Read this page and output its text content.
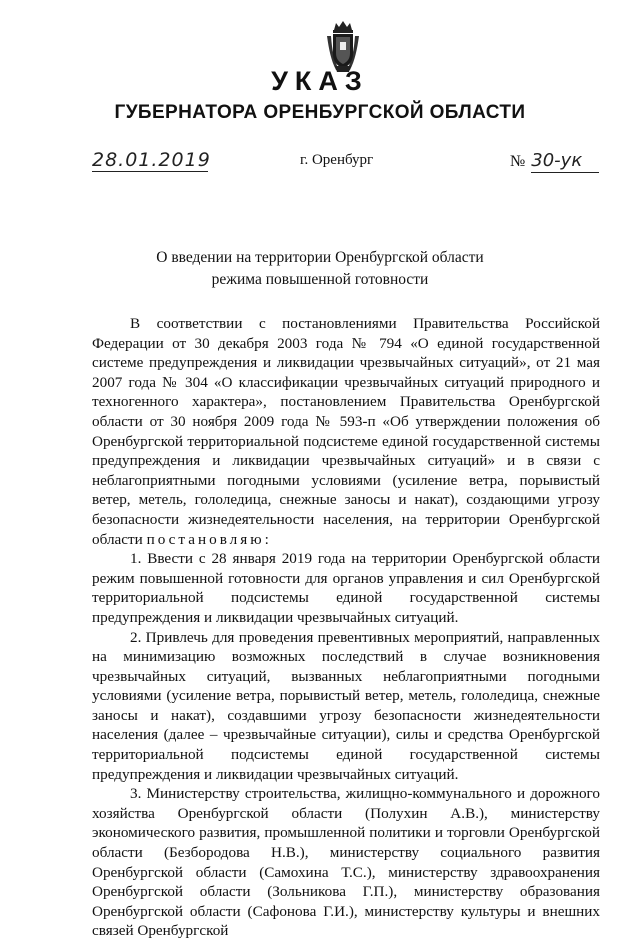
УКАЗ
ГУБЕРНАТОРА ОРЕНБУРГСКОЙ ОБЛАСТИ
28.01.2019	г. Оренбург	№ 30-ук
О введении на территории Оренбургской области
режима повышенной готовности

В соответствии с постановлениями Правительства Российской Федерации от 30 декабря 2003 года № 794 «О единой государственной системе предупреждения и ликвидации чрезвычайных ситуаций», от 21 мая 2007 года № 304 «О классификации чрезвычайных ситуаций природного и техногенного характера», постановлением Правительства Оренбургской области от 30 ноября 2009 года № 593-п «Об утверждении положения об Оренбургской территориальной подсистеме единой государственной системы предупреждения и ликвидации чрезвычайных ситуаций» и в связи с неблагоприятными погодными условиями (усиление ветра, порывистый ветер, метель, гололедица, снежные заносы и накат), создающими угрозу безопасности жизнедеятельности населения, на территории Оренбургской области постановляю:

1. Ввести с 28 января 2019 года на территории Оренбургской области режим повышенной готовности для органов управления и сил Оренбургской территориальной подсистемы единой государственной системы предупреждения и ликвидации чрезвычайных ситуаций.

2. Привлечь для проведения превентивных мероприятий, направленных на минимизацию возможных последствий в случае возникновения чрезвычайных ситуаций, вызванных неблагоприятными погодными условиями (усиление ветра, порывистый ветер, метель, гололедица, снежные заносы и накат), создавшими угрозу безопасности жизнедеятельности населения (далее – чрезвычайные ситуации), силы и средства Оренбургской территориальной подсистемы единой государственной системы предупреждения и ликвидации чрезвычайных ситуаций.

3. Министерству строительства, жилищно-коммунального и дорожного хозяйства Оренбургской области (Полухин А.В.), министерству экономического развития, промышленной политики и торговли Оренбургской области (Безбородова Н.В.), министерству социального развития Оренбургской области (Самохина Т.С.), министерству здравоохранения Оренбургской области (Зольникова Г.П.), министерству образования Оренбургской области (Сафонова Г.И.), министерству культуры и внешних связей Оренбургской
